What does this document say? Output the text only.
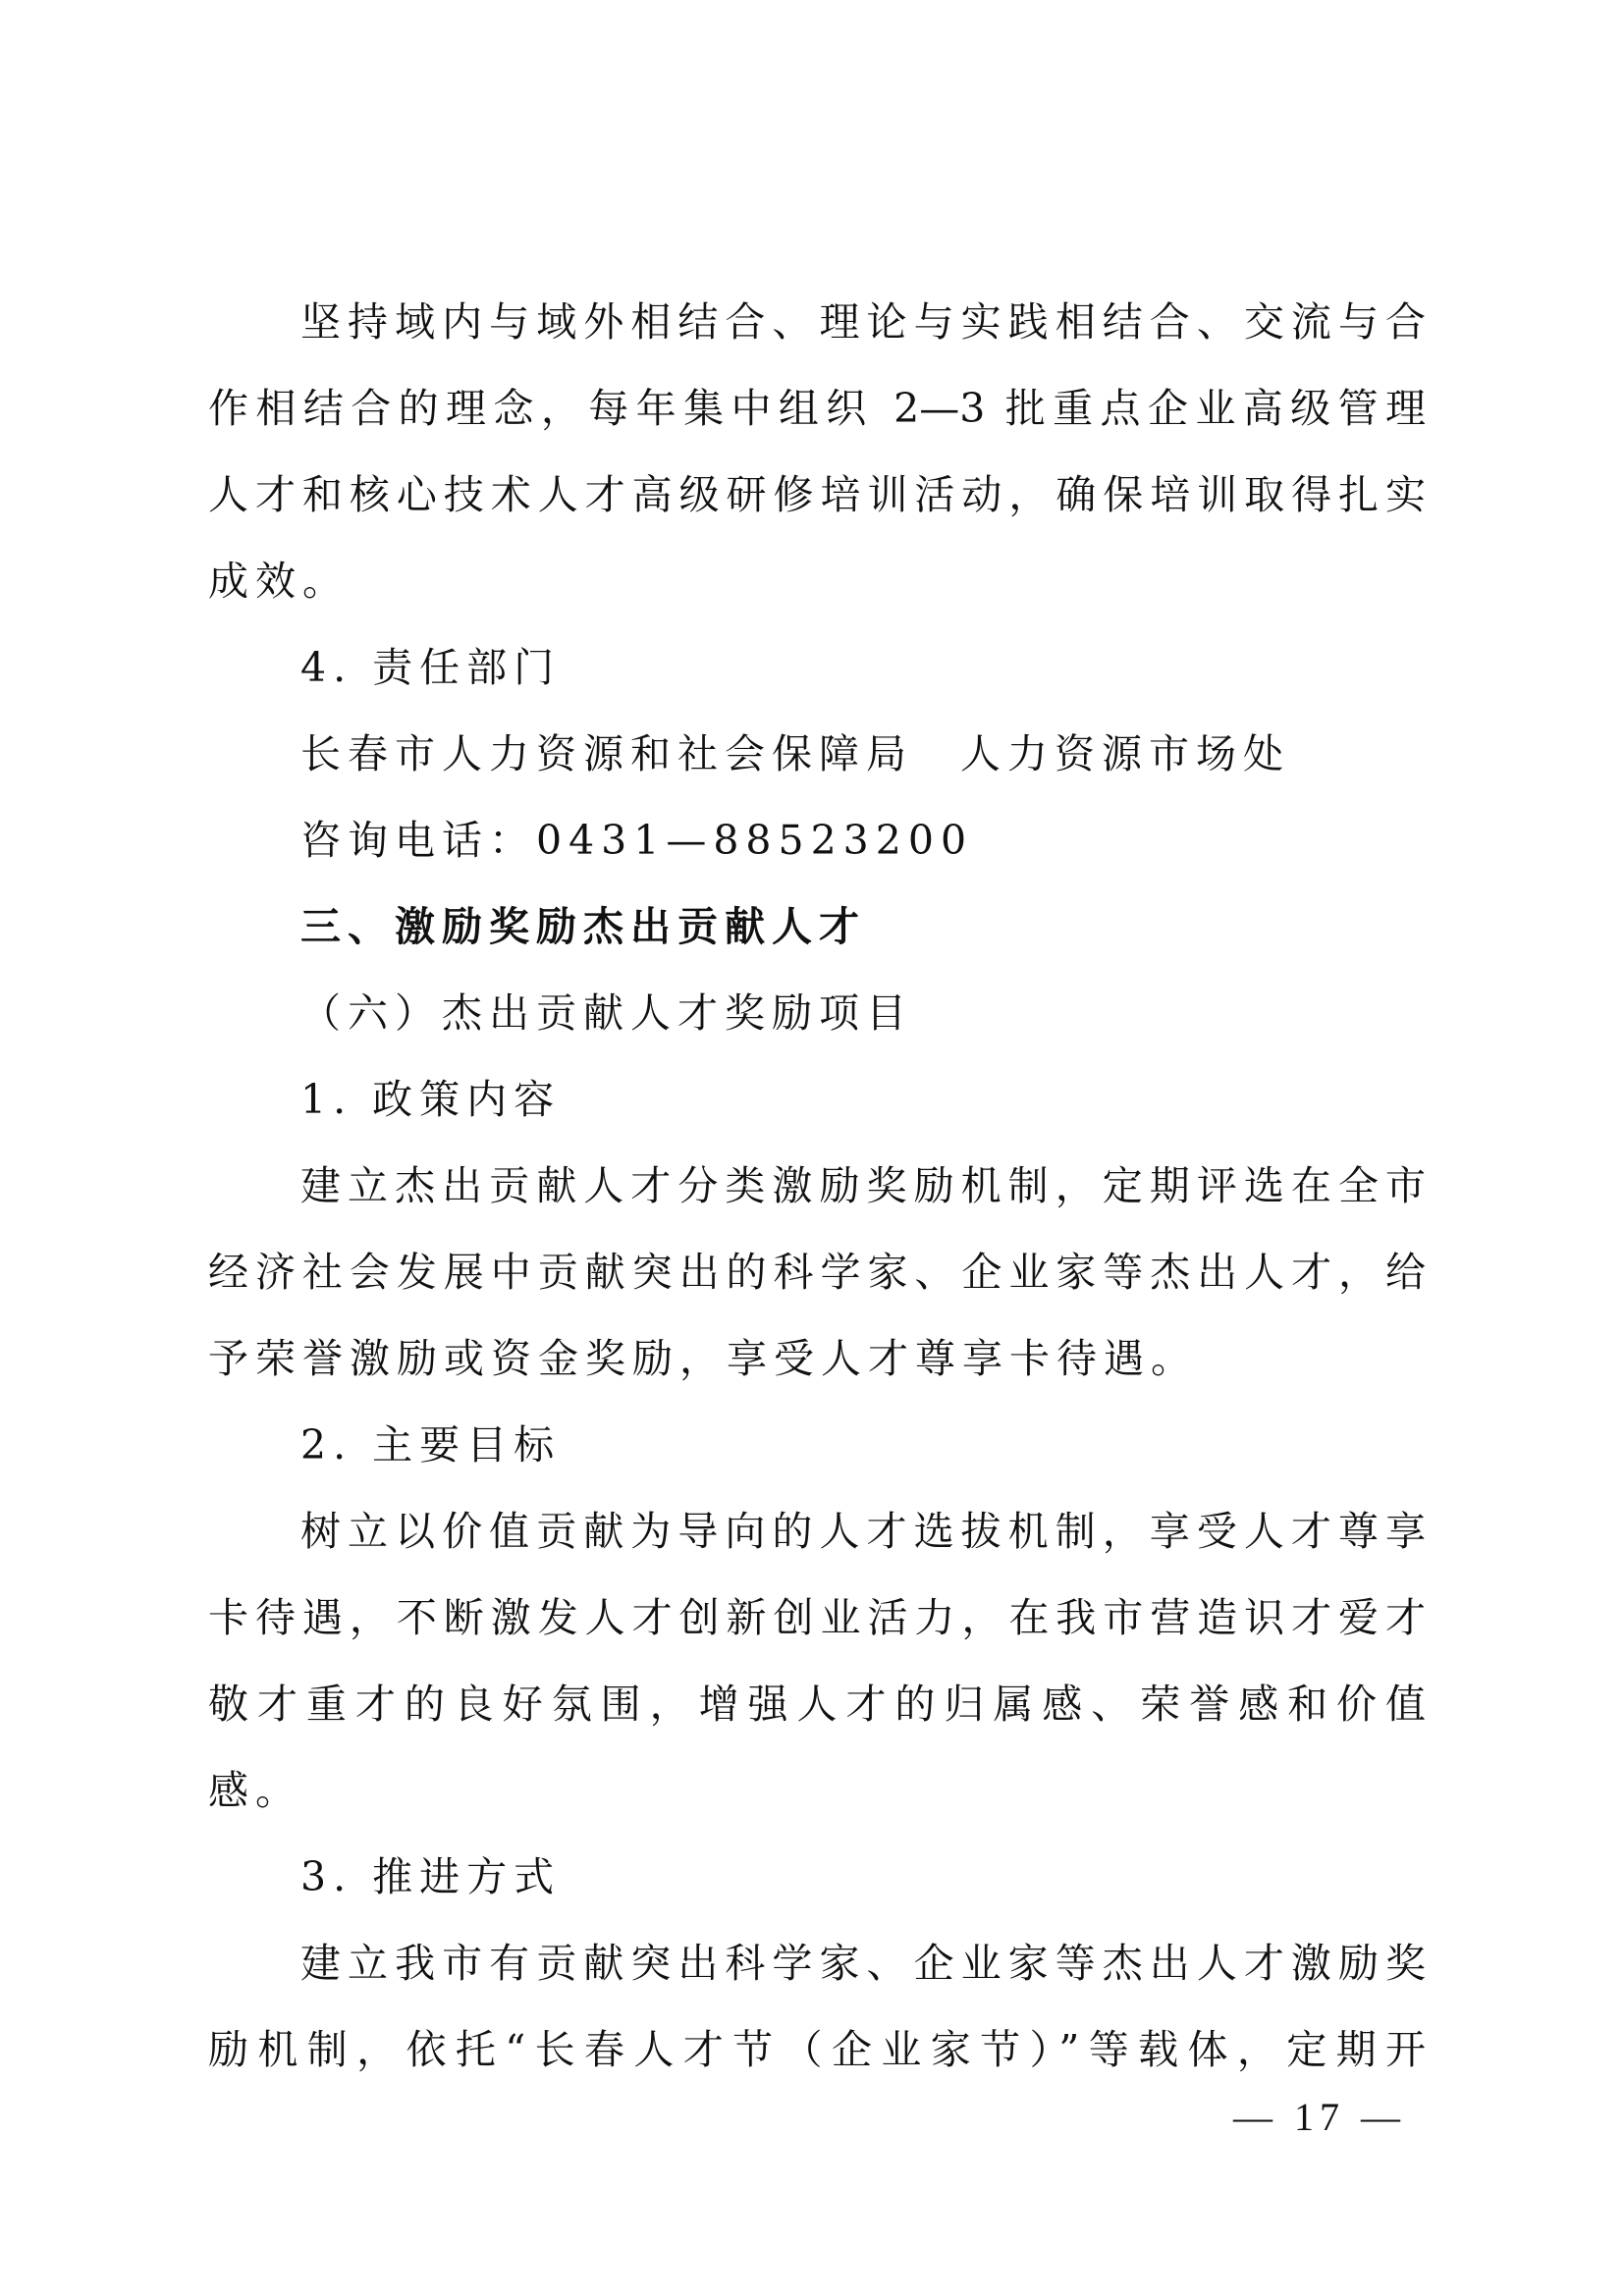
坚持域内与域外相结合、理论与实践相结合、交流与合
作相结合的理念，每年集中组织 2—3 批重点企业高级管理
人才和核心技术人才高级研修培训活动，确保培训取得扎实
成效。
4. 责任部门
长春市人力资源和社会保障局　人力资源市场处
咨询电话：0431—88523200
三、激励奖励杰出贡献人才
（六）杰出贡献人才奖励项目
1. 政策内容
建立杰出贡献人才分类激励奖励机制，定期评选在全市
经济社会发展中贡献突出的科学家、企业家等杰出人才，给
予荣誉激励或资金奖励，享受人才尊享卡待遇。
2. 主要目标
树立以价值贡献为导向的人才选拔机制，享受人才尊享
卡待遇，不断激发人才创新创业活力，在我市营造识才爱才
敬才重才的良好氛围，增强人才的归属感、荣誉感和价值
感。
3. 推进方式
建立我市有贡献突出科学家、企业家等杰出人才激励奖
励机制，依托“长春人才节（企业家节）”等载体，定期开
— 17 —
